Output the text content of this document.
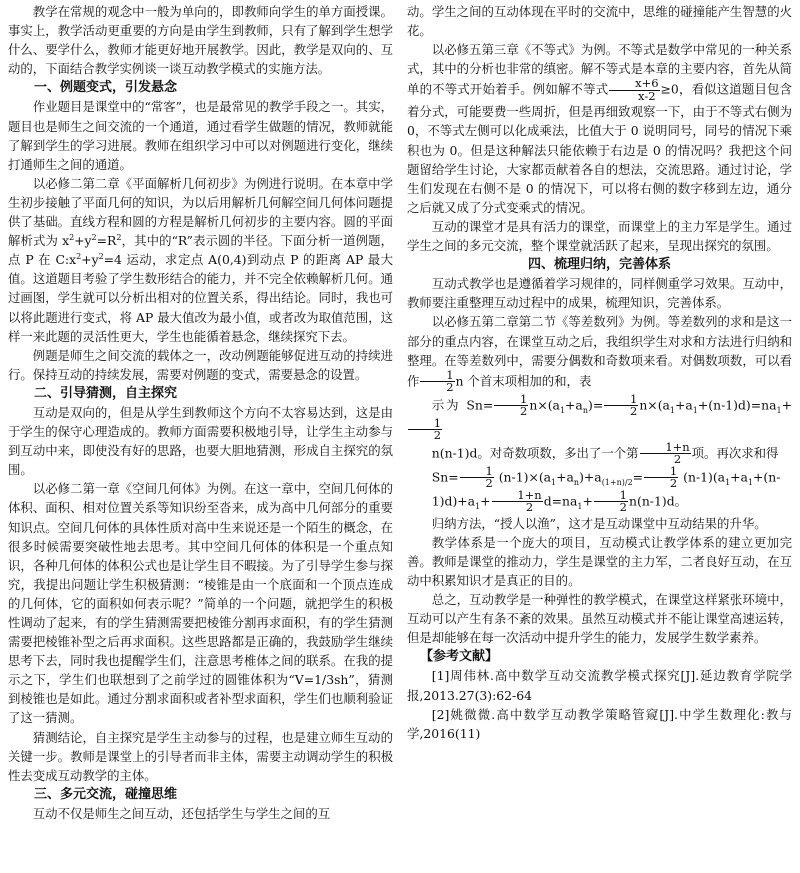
教学在常规的观念中一般为单向的，即教师向学生的单方面授课。事实上，教学活动更重要的方向是由学生到教师，只有了解到学生想学什么、要学什么，教师才能更好地开展教学。因此，教学是双向的、互动的，下面结合教学实例谈一谈互动教学模式的实施方法。

一、例题变式，引发悬念

作业题目是课堂中的“常客”，也是最常见的教学手段之一。其实，题目也是师生之间交流的一个通道，通过看学生做题的情况，教师就能了解到学生的学习进展。教师在组织学习中可以对例题进行变化，继续打通师生之间的通道。

以必修二第二章《平面解析几何初步》为例进行说明。在本章中学生初步接触了平面几何的知识，为以后用解析几何解空间几何体问题提供了基础。直线方程和圆的方程是解析几何初步的主要内容。圆的平面解析式为 $x^2+y^2=R^2$，其中的“R”表示圆的半径。下面分析一道例题，点 P 在 $C:x^2+y^2=4$ 运动，求定点 A(0,4)到动点 P 的距离 AP 最大值。这道题目考验了学生数形结合的能力，并不完全依赖解析几何。通过画图，学生就可以分析出相对的位置关系，得出结论。同时，我也可以将此题进行变式，将 AP 最大值改为最小值，或者改为取值范围，这样一来此题的灵活性更大，学生也能循着悬念，继续探究下去。

例题是师生之间交流的载体之一，改动例题能够促进互动的持续进行。保持互动的持续发展，需要对例题的变式，需要悬念的设置。

二、引导猜测，自主探究

互动是双向的，但是从学生到教师这个方向不太容易达到，这是由于学生的保守心理造成的。教师方面需要积极地引导，让学生主动参与到互动中来，即使没有好的思路，也要大胆地猜测，形成自主探究的氛围。

以必修二第一章《空间几何体》为例。在这一章中，空间几何体的体积、面积、相对位置关系等知识纷至沓来，成为高中几何部分的重要知识点。空间几何体的具体性质对高中生来说还是一个陌生的概念，在很多时候需要突破性地去思考。其中空间几何体的体积是一个重点知识，各种几何体的体积公式也是让学生目不暇接。为了引导学生参与探究，我提出问题让学生积极猜测：“棱锥是由一个底面和一个顶点连成的几何体，它的面积如何表示呢？”简单的一个问题，就把学生的积极性调动了起来，有的学生猜测需要把棱锥分割再求面积，有的学生猜测需要把棱锥补型之后再求面积。这些思路都是正确的，我鼓励学生继续思考下去，同时我也提醒学生们，注意思考椎体之间的联系。在我的提示之下，学生们也联想到了之前学过的圆锥体积为“V=1/3sh”，猜测到棱锥也是如此。通过分割求面积或者补型求面积，学生们也顺利验证了这一猜测。

猜测结论，自主探究是学生主动参与的过程，也是建立师生互动的关键一步。教师是课堂上的引导者而非主体，需要主动调动学生的积极性去变成互动教学的主体。

三、多元交流，碰撞思维

互动不仅是师生之间互动，还包括学生与学生之间的互

动。学生之间的互动体现在平时的交流中，思维的碰撞能产生智慧的火花。

以必修五第三章《不等式》为例。不等式是数学中常见的一种关系式，其中的分析也非常的缜密。解不等式是本章的主要内容，首先从简单的不等式开始着手。例如解不等式 $\frac{x+6}{x-2} \ge 0$，看似这道题目包含着分式，可能要费一些周折，但是再细致观察一下，由于不等式右侧为 0，不等式左侧可以化成乘法，比值大于 0 说明同号，同号的情况下乘积也为 0。但是这种解法只能依赖于右边是 0 的情况吗？我把这个问题留给学生讨论，大家都贡献着各自的想法，交流思路。通过讨论，学生们发现在右侧不是 0 的情况下，可以将右侧的数字移到左边，通分之后就又成了分式变乘式的情况。

互动的课堂才是具有活力的课堂，而课堂上的主力军是学生。通过学生之间的多元交流，整个课堂就活跃了起来，呈现出探究的氛围。

四、梳理归纳，完善体系

互动式教学也是遵循着学习规律的，同样侧重学习效果。互动中，教师要注重整理互动过程中的成果，梳理知识，完善体系。

以必修五第二章第二节《等差数列》为例。等差数列的求和是这一部分的重点内容，在课堂互动之后，我组织学生对求和方法进行归纳和整理。在等差数列中，需要分偶数和奇数项来看。对偶数项数，可以看作 $\frac{1}{2}$ n 个首末项相加的和，表

示为 $Sn= \frac{1}{2} n\times(a_1+a_n)= \frac{1}{2} n\times(a_1+a_1+(n-1)d)=na_1+$
$\frac{1}{2}$

n(n-1)d。对奇数项数，多出了一个第 $\frac{1+n}{2}$ 项。再次求和得

$Sn= \frac{1}{2} (n-1)\times(a_1+a_n)+a_{(1+n)/2}= \frac{1}{2} (n-1)(a_1+a_1+(n-$

$1)d)+a_1+ \frac{1+n}{2} d=na_1+ \frac{1}{2} n(n-1)d$。

归纳方法，“授人以渔”，这才是互动课堂中互动结果的升华。

教学体系是一个庞大的项目，互动模式让教学体系的建立更加完善。教师是课堂的推动力，学生是课堂的主力军，二者良好互动，在互动中积累知识才是真正的目的。

总之，互动教学是一种弹性的教学模式，在课堂这样紧张环境中，互动可以产生有条不紊的效果。虽然互动模式并不能让课堂高速运转，但是却能够在每一次活动中提升学生的能力，发展学生数学素养。

【参考文献】

[1]周伟林.高中数学互动交流教学模式探究[J].延边教育学院学报,2013.27(3):62-64

[2]姚微微.高中数学互动教学策略管窥[J].中学生数理化:教与学,2016(11)
